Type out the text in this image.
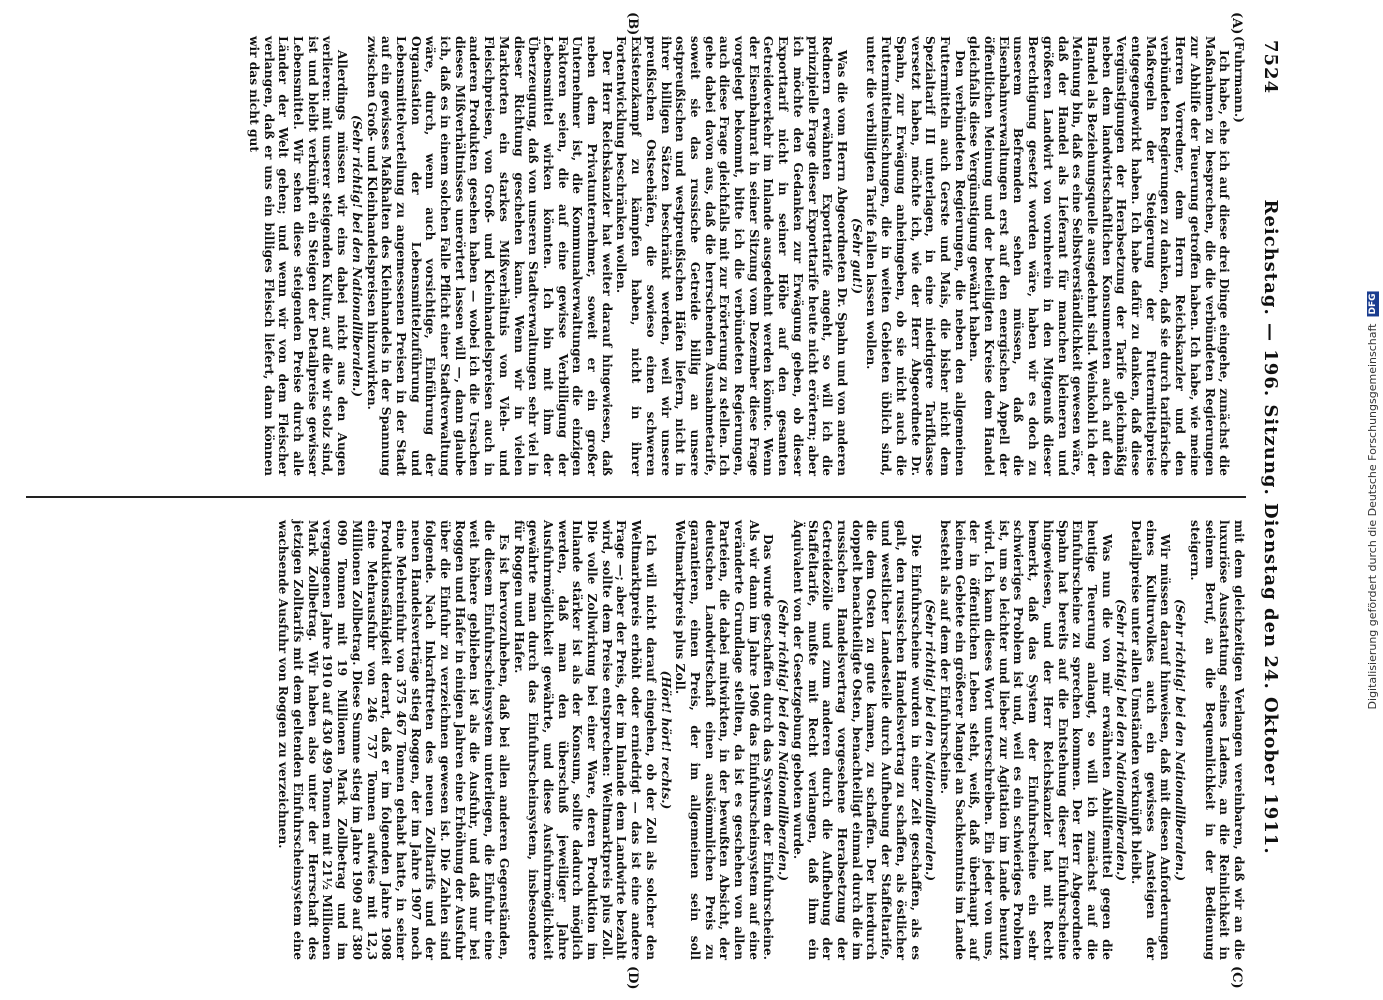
7524
Reichstag. — 196. Sitzung. Dienstag den 24. Oktober 1911.
(A)
(B)
(C)
(D)

(Fuhrmann.)

Ich habe, ehe ich auf diese drei Dinge eingehe, zunächst die Maßnahmen zu besprechen, die die verbündeten Regierungen zur Abhilfe der Teuerung getroffen haben. Ich habe, wie meine Herren Vorredner, dem Herrn Reichskanzler und den verbündeten Regierungen zu danken, daß sie durch tarifarische Maßregeln der Steigerung der Futtermittelpreise entgegengewirkt haben. Ich habe dafür zu danken, daß diese Vergünstigungen der Herabsetzung der Tarife gleichmäßig neben dem landwirtschaftlichen Konsumenten auch auf den Handel als Beziehungsquelle ausgedehnt sind. Weinkohl ich der Meinung bin, daß es eine Selbstverständlichkeit gewesen wäre, daß der Handel als Lieferant für manchen kleineren und größeren Landwirt von vornherein in den Mitgenuß dieser Berechtigung gesetzt worden wäre, haben wir es doch zu unserem Befremden sehen müssen, daß die Eisenbahnverwaltungen erst auf den energischen Appell der öffentlichen Meinung und der beteiligten Kreise dem Handel gleichfalls diese Vergünstigung gewährt haben.

Den verbündeten Regierungen, die neben den allgemeinen Futtermitteln auch Gerste und Mais, die bisher nicht dem Spezialtarif III unterlagen, in eine niedrigere Tarifklasse versetzt haben, möchte ich, wie der Herr Abgeordnete Dr. Spahn, zur Erwägung anheimgeben, ob sie nicht auch die Futtermittelmischungen, die in weiten Gebieten üblich sind, unter die verbilligten Tarife fallen lassen wollen.

(Sehr gut!)

Was die vom Herrn Abgeordneten Dr. Spahn und von anderen Rednern erwähnten Exporttarife angeht, so will ich die prinzipielle Frage dieser Exporttarife heute nicht erörtern; aber ich möchte den Gedanken zur Erwägung geben, ob dieser Exporttarif nicht in seiner Höhe auf den gesamten Getreideverkehr im Inlande ausgedehnt werden könnte. Wenn der Eisenbahnrat in seiner Sitzung vom Dezember diese Frage vorgelegt bekommt, bitte ich die verbündeten Regierungen, auch diese Frage gleichfalls mit zur Erörterung zu stellen. Ich gehe dabei davon aus, daß die herrschenden Ausnahmetarife, soweit sie das russische Getreide billig an unsere ostpreußischen und westpreußischen Häfen liefern, nicht in ihrer billigen Sätzen beschränkt werden, weil wir unsere preußischen Ostseehäfen, die sowieso einen schweren Existenzkampf zu kämpfen haben, nicht in ihrer Fortentwicklung beschränken wollen.

Der Herr Reichskanzler hat weiter darauf hingewiesen, daß neben dem Privatunternehmer, soweit er ein großer Unternehmer ist, die Kommunalverwaltungen die einzigen Faktoren seien, die auf eine gewisse Verbilligung der Lebensmittel wirken könnten. Ich bin mit ihm der Überzeugung, daß von unseren Stadtverwaltungen sehr viel in dieser Richtung geschehen kann. Wenn wir in vielen Marktorten ein starkes Mißverhältnis von Vieh- und Fleischpreisen, von Groß- und Kleinhandelspreisen auch in anderen Produkten gesehen haben — wobei ich die Ursachen dieses Mißverhältnisses unerörtert lassen will —, dann glaube ich, daß es in einem solchen Falle Pflicht einer Stadtverwaltung wäre, durch, wenn auch vorsichtige, Einführung der Organisation der Lebensmittelzuführung und Lebensmittelverteilung zu angemessenen Preisen in der Stadt auf ein gewisses Maßhalten des Kleinhandels in der Spannung zwischen Groß- und Kleinhandelspreisen hinzuwirken.

(Sehr richtig! bei den Nationalliberalen.)

Allerdings müssen wir eins dabei nicht aus den Augen verlieren: mit unserer steigenden Kultur, auf die wir stolz sind, ist und bleibt verknüpft ein Steigen der Detailpreise gewisser Lebensmittel. Wir sehen diese steigenden Preise durch alle Länder der Welt gehen; und wenn wir von dem Fleischer verlangen, daß er uns ein billiges Fleisch liefert, dann können wir das nicht gut

mit dem gleichzeitigen Verlangen vereinbaren, daß wir an die luxuriöse Ausstattung seines Ladens, an die Reinlichkeit in seinem Beruf, an die Bequemlichkeit in der Bedienung steigern.

(Sehr richtig! bei den Nationalliberalen.)

Wir müssen darauf hinweisen, daß mit diesen Anforderungen eines Kulturvolkes auch ein gewisses Ansteigen der Detailpreise unter allen Umständen verknüpft bleibt.

(Sehr richtig! bei den Nationalliberalen.)

Was nun die von mir erwähnten Abhilfemittel gegen die heutige Teuerung anlangt, so will ich zunächst auf die Einfuhrscheine zu sprechen kommen. Der Herr Abgeordnete Spahn hat bereits auf die Entstehung dieser Einfuhrscheine hingewiesen, und der Herr Reichskanzler hat mit Recht bemerkt, daß das System der Einfuhrscheine ein sehr schwieriges Problem ist und, weil es ein schwieriges Problem ist, um so leichter und lieber zur Agitation im Lande benutzt wird. Ich kann dieses Wort unterschreiben. Ein jeder von uns, der in öffentlichen Leben steht, weiß, daß überhaupt auf keinem Gebiete ein größerer Mangel an Sachkenntnis im Lande besteht als auf dem der Einfuhrscheine.

(Sehr richtig! bei den Nationalliberalen.)

Die Einfuhrscheine wurden in einer Zeit geschaffen, als es galt, den russischen Handelsvertrag zu schaffen, als östlicher und westlicher Landesteile durch Aufhebung der Staffeltarife, die dem Osten zu gute kamen, zu schaffen. Der hierdurch doppelt benachteiligte Osten, benachteiligt einmal durch die im russischen Handelsvertrag vorgesehene Herabsetzung der Getreidezölle und zum anderen durch die Aufhebung der Staffeltarife, mußte mit Recht verlangen, daß ihm ein Äquivalent von der Gesetzgebung geboten wurde.

(Sehr richtig! bei den Nationalliberalen.)

Das wurde geschaffen durch das System der Einfuhrscheine. Als wir dann im Jahre 1906 das Einfuhrscheinsystem auf eine veränderte Grundlage stellten, da ist es geschehen von allen Parteien, die dabei mitwirkten, in der bewußten Absicht, der deutschen Landwirtschaft einen auskömmlichen Preis zu garantieren, einen Preis, der im allgemeinen sein soll Weltmarktpreis plus Zoll.

(Hört! hört! rechts.)

Ich will nicht darauf eingehen, ob der Zoll als solcher den Weltmarktpreis erhöht oder erniedrigt — das ist eine andere Frage —; aber der Preis, der im Inlande dem Landwirte bezahlt wird, sollte dem Preise entsprechen: Weltmarktpreis plus Zoll. Die volle Zollwirkung bei einer Ware, deren Produktion im Inlande stärker ist als der Konsum, sollte dadurch möglich werden, daß man den überschuß jeweiliger Jahre Ausfuhrmöglichkeit gewährte, und diese Ausfuhrmöglichkeit gewährte man durch das Einfuhrscheinsystem, insbesondere für Roggen und Hafer.

Es ist hervorzuheben, daß bei allen anderen Gegenständen, die diesem Einfuhrscheinsystem unterliegen, die Einfuhr eine weit höhere geblieben ist als die Ausfuhr, und daß nur bei Roggen und Hafer in einigen Jahren eine Erhöhung der Ausfuhr über die Einfuhr zu verzeichnen gewesen ist. Die Zahlen sind folgende. Nach Inkrafttreten des neuen Zolltarifs und der neuen Handelsverträge stieg Roggen, der im Jahre 1907 noch eine Mehreinfuhr von 375 467 Tonnen gehabt hatte, in seiner Produktionsfähigkeit derart, daß er im folgenden Jahre 1908 eine Mehrausfuhr von 246 737 Tonnen aufwies mit 12,3 Millionen Zollbetrag. Diese Summe stieg im Jahre 1909 auf 380 090 Tonnen mit 19 Millionen Mark Zollbetrag und im vergangenen Jahre 1910 auf 430 499 Tonnen mit 21½ Millionen Mark Zollbetrag. Wir haben also unter der Herrschaft des jetzigen Zolltarifs mit dem geltenden Einfuhrscheinsystem eine wachsende Ausfuhr von Roggen zu verzeichnen.	Digitalisierung gefördert durch die Deutsche Forschungsgemeinschaft DFG
